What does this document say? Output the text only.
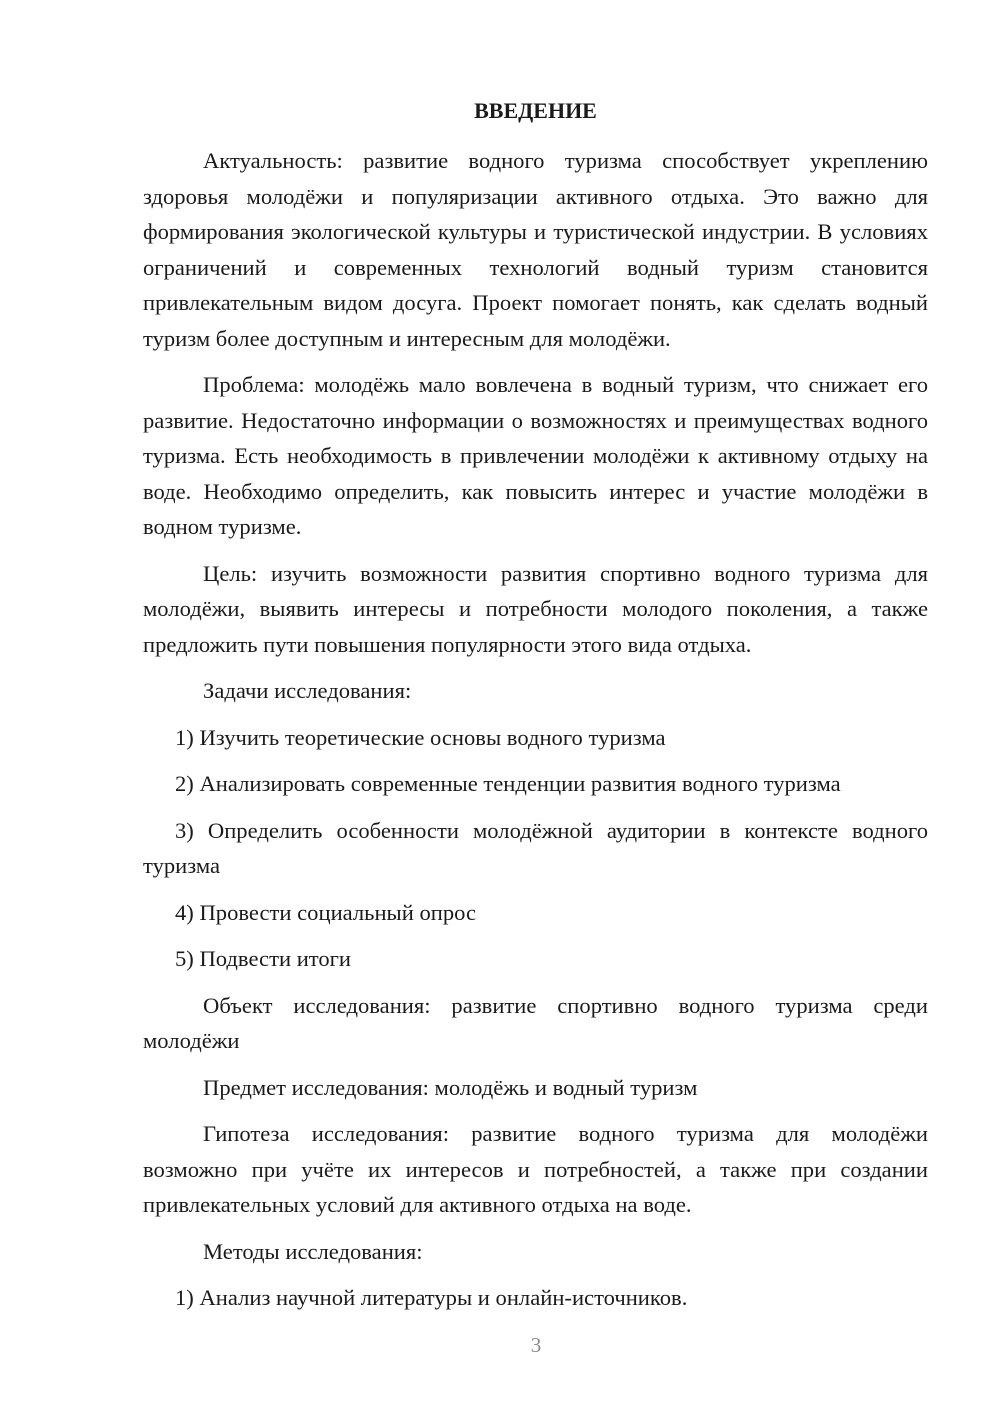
ВВЕДЕНИЕ

Актуальность: развитие водного туризма способствует укреплению здоровья молодёжи и популяризации активного отдыха. Это важно для формирования экологической культуры и туристической индустрии. В условиях ограничений и современных технологий водный туризм становится привлекательным видом досуга. Проект помогает понять, как сделать водный туризм более доступным и интересным для молодёжи.

Проблема: молодёжь мало вовлечена в водный туризм, что снижает его развитие. Недостаточно информации о возможностях и преимуществах водного туризма. Есть необходимость в привлечении молодёжи к активному отдыху на воде. Необходимо определить, как повысить интерес и участие молодёжи в водном туризме.

Цель: изучить возможности развития спортивно водного туризма для молодёжи, выявить интересы и потребности молодого поколения, а также предложить пути повышения популярности этого вида отдыха.

Задачи исследования:

1) Изучить теоретические основы водного туризма

2) Анализировать современные тенденции развития водного туризма

3) Определить особенности молодёжной аудитории в контексте водного туризма

4) Провести социальный опрос

5) Подвести итоги

Объект исследования: развитие спортивно водного туризма среди молодёжи

Предмет исследования: молодёжь и водный туризм

Гипотеза исследования: развитие водного туризма для молодёжи возможно при учёте их интересов и потребностей, а также при создании привлекательных условий для активного отдыха на воде.

Методы исследования:

1) Анализ научной литературы и онлайн-источников.

3
